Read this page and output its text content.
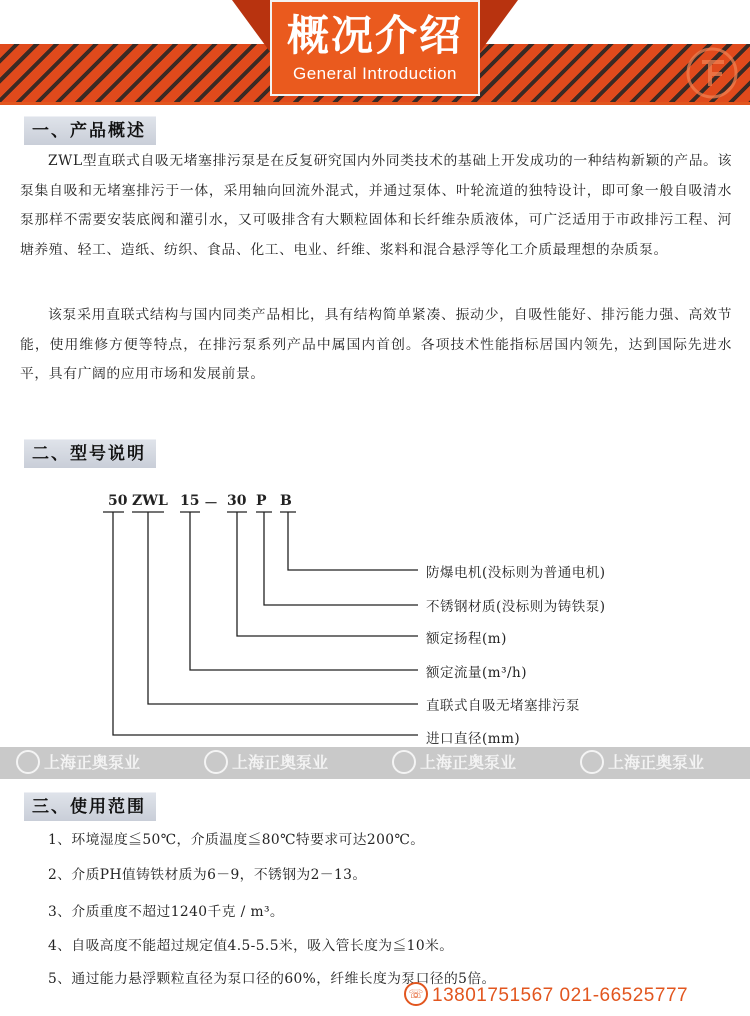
概况介绍
General Introduction
一、产品概述
ZWL型直联式自吸无堵塞排污泵是在反复研究国内外同类技术的基础上开发成功的一种结构新颖的产品。该泵集自吸和无堵塞排污于一体，采用轴向回流外混式，并通过泵体、叶轮流道的独特设计，即可象一般自吸清水泵那样不需要安装底阀和灌引水，又可吸排含有大颗粒固体和长纤维杂质液体，可广泛适用于市政排污工程、河塘养殖、轻工、造纸、纺织、食品、化工、电业、纤维、浆料和混合悬浮等化工介质最理想的杂质泵。
该泵采用直联式结构与国内同类产品相比，具有结构简单紧凑、振动少，自吸性能好、排污能力强、高效节能，使用维修方便等特点，在排污泵系列产品中属国内首创。各项技术性能指标居国内领先，达到国际先进水平，具有广阔的应用市场和发展前景。
二、型号说明
50 ZWL 15 － 30 P B
防爆电机(没标则为普通电机)
不锈钢材质(没标则为铸铁泵)
额定扬程(m)
额定流量(m³/h)
直联式自吸无堵塞排污泵
进口直径(mm)
上海正奥泵业	上海正奥泵业	上海正奥泵业	上海正奥泵业
三、使用范围
1、环境湿度≦50℃，介质温度≦80℃特要求可达200℃。
2、介质PH值铸铁材质为6－9，不锈钢为2－13。
3、介质重度不超过1240千克 / m³。
4、自吸高度不能超过规定值4.5-5.5米，吸入管长度为≦10米。
5、通过能力悬浮颗粒直径为泵口径的60%，纤维长度为泵口径的5倍。
☏ 13801751567 021-66525777
